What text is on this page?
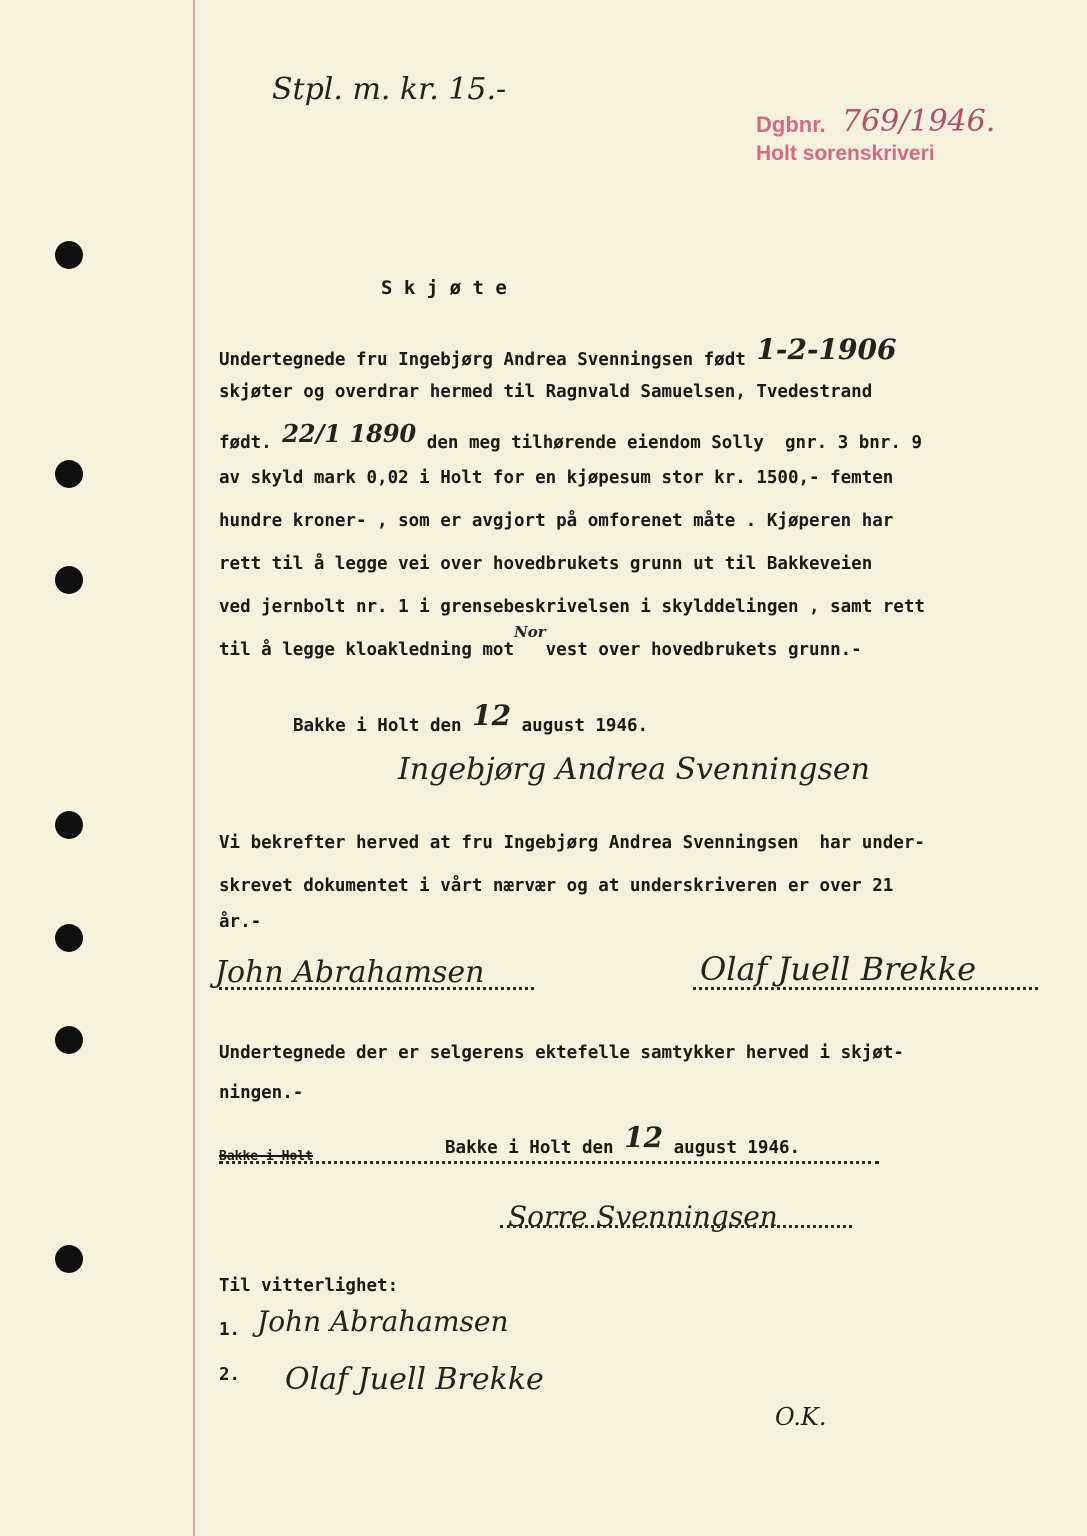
Stpl. m. kr. 15.-
Dgbnr. 769/1946.
Holt sorenskriveri
S k j ø t e
Undertegnede fru Ingebjørg Andrea Svenningsen født 1-2-1906
skjøter og overdrar hermed til Ragnvald Samuelsen, Tvedestrand
født. 22/1 1890 den meg tilhørende eiendom Solly  gnr. 3 bnr. 9
av skyld mark 0,02 i Holt for en kjøpesum stor kr. 1500,- femten
hundre kroner- , som er avgjort på omforenet måte . Kjøperen har
rett til å legge vei over hovedbrukets grunn ut til Bakkeveien
ved jernbolt nr. 1 i grensebeskrivelsen i skylddelingen , samt rett
til å legge kloakledning motNorvest over hovedbrukets grunn.-
Bakke i Holt den 12 august 1946.
Ingebjørg Andrea Svenningsen
Vi bekrefter herved at fru Ingebjørg Andrea Svenningsen  har under-
skrevet dokumentet i vårt nærvær og at underskriveren er over 21
år.-
John Abrahamsen	Olaf Juell Brekke
Undertegnede der er selgerens ektefelle samtykker herved i skjøt-
ningen.-
Bakke i Holt den 12 august 1946.
Bakke i Holt
Sorre Svenningsen
Til vitterlighet:
1. John Abrahamsen
2. Olaf Juell Brekke
O.K.
